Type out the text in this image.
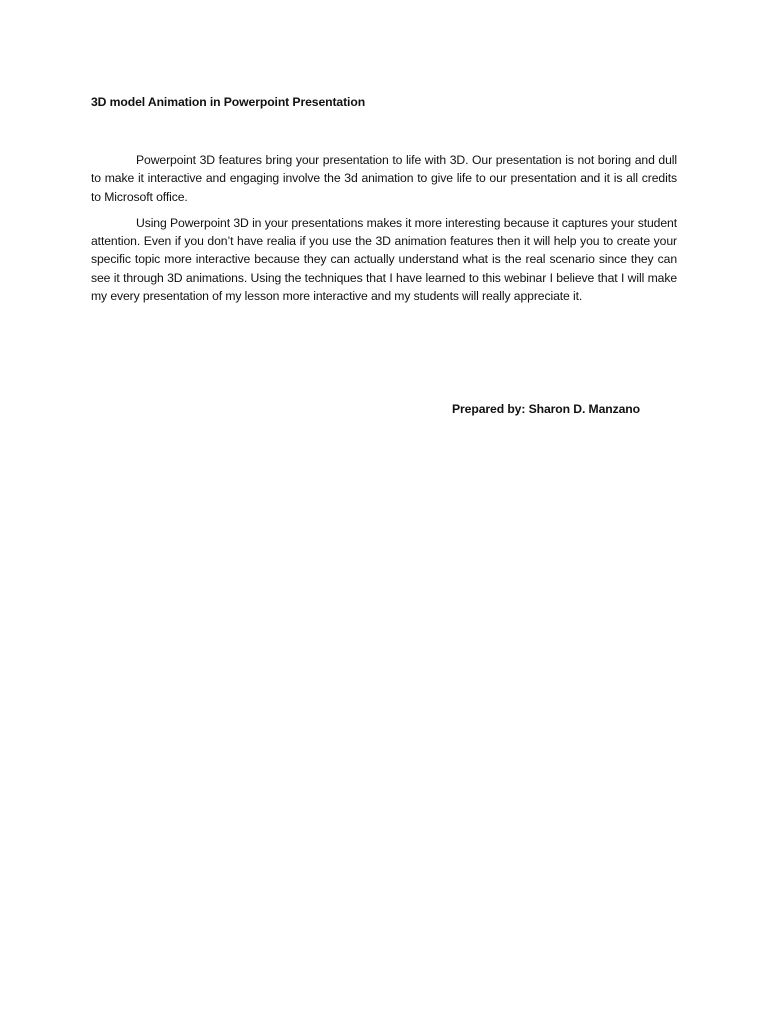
3D model Animation in Powerpoint Presentation

Powerpoint 3D features bring your presentation to life with 3D. Our presentation is not boring and dull to make it interactive and engaging involve the 3d animation to give life to our presentation and it is all credits to Microsoft office.

Using Powerpoint 3D in your presentations makes it more interesting because it captures your student attention. Even if you don’t have realia if you use the 3D animation features then it will help you to create your specific topic more interactive because they can actually understand what is the real scenario since they can see it through 3D animations. Using the techniques that I have learned to this webinar I believe that I will make my every presentation of my lesson more interactive and my students will really appreciate it.

Prepared by: Sharon D. Manzano
